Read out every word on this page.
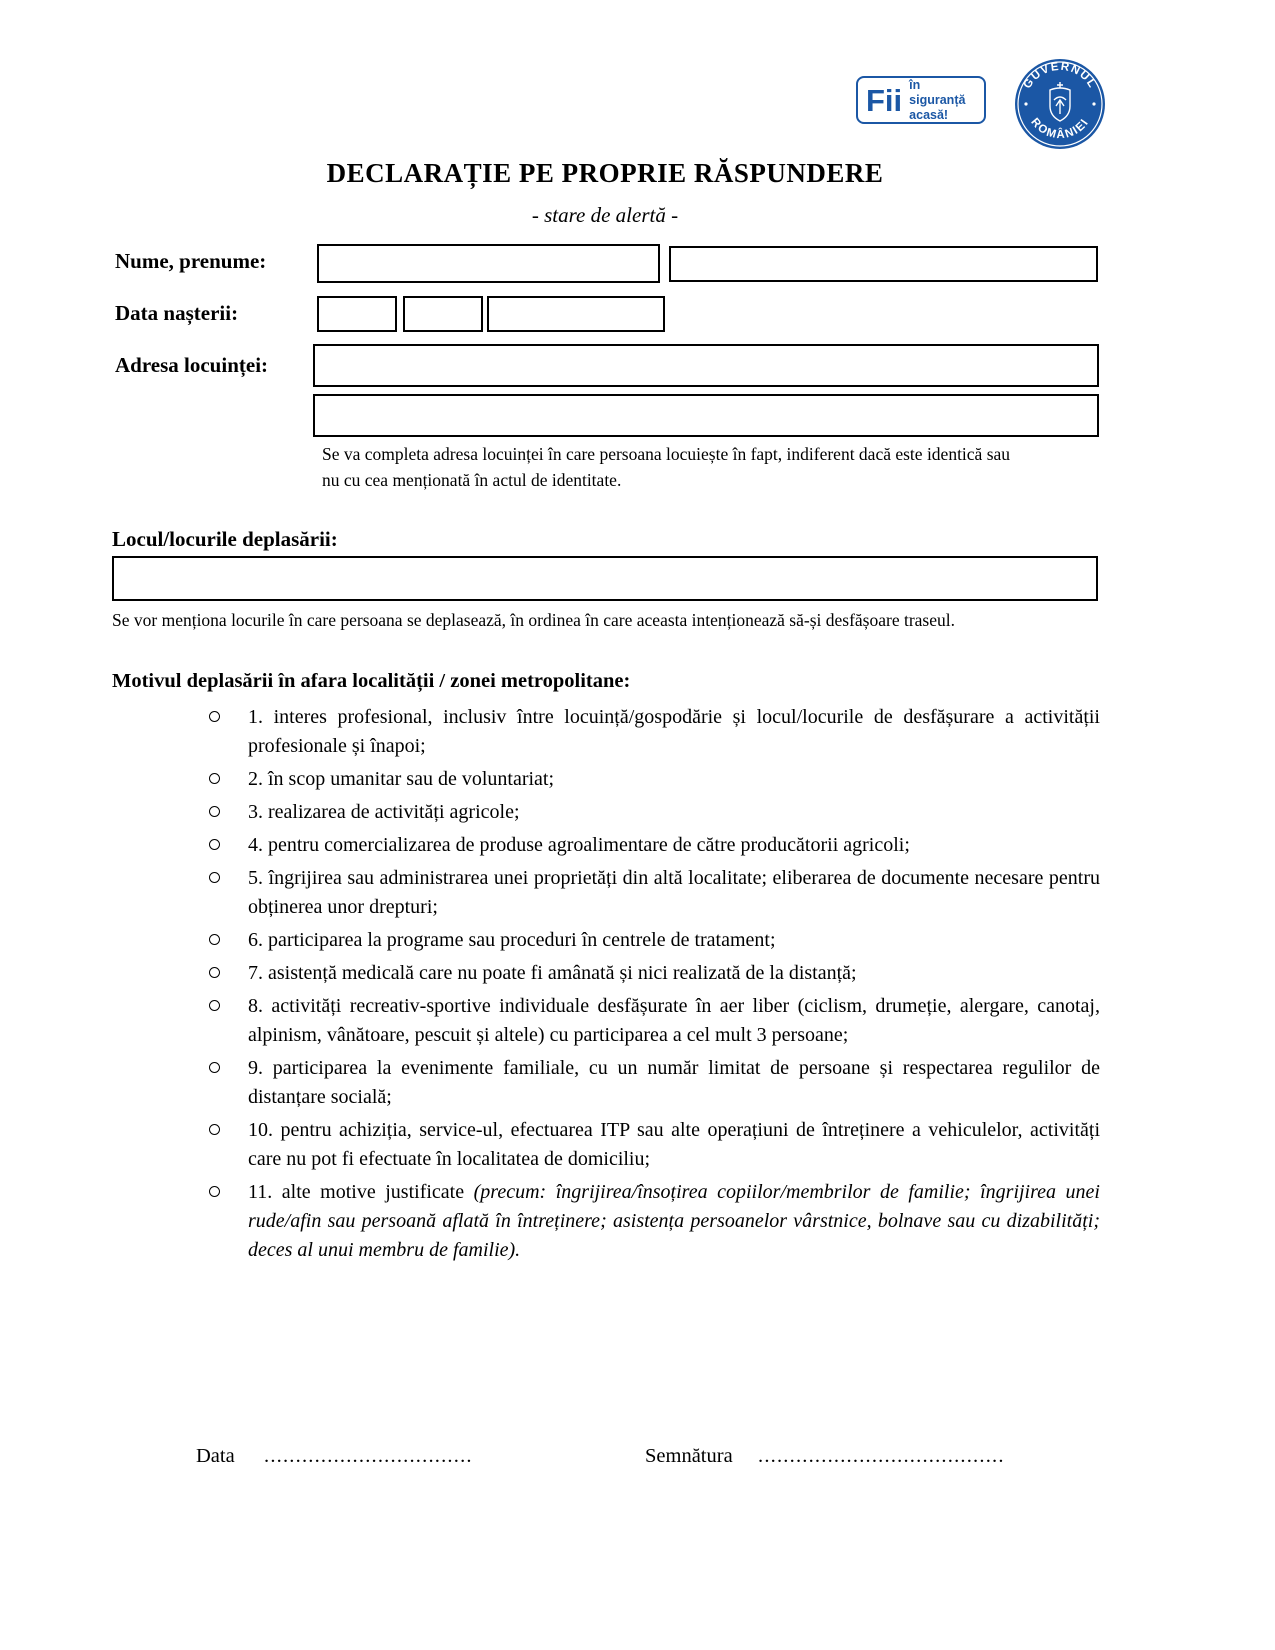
Fii în siguranță
acasă!
GUVERNUL
ROMÂNIEI
DECLARAȚIE PE PROPRIE RĂSPUNDERE
- stare de alertă -
Nume, prenume:
Data nașterii:
Adresa locuinței:
Se va completa adresa locuinței în care persoana locuiește în fapt, indiferent dacă este identică sau
nu cu cea menționată în actul de identitate.
Locul/locurile deplasării:
Se vor menționa locurile în care persoana se deplasează, în ordinea în care aceasta intenționează să-și desfășoare traseul.
Motivul deplasării în afara localității / zonei metropolitane:
1. interes profesional, inclusiv între locuință/gospodărie și locul/locurile de desfășurare a activității profesionale și înapoi;
2. în scop umanitar sau de voluntariat;
3. realizarea de activități agricole;
4. pentru comercializarea de produse agroalimentare de către producătorii agricoli;
5. îngrijirea sau administrarea unei proprietăți din altă localitate; eliberarea de documente necesare pentru obținerea unor drepturi;
6. participarea la programe sau proceduri în centrele de tratament;
7. asistență medicală care nu poate fi amânată și nici realizată de la distanță;
8. activități recreativ-sportive individuale desfășurate în aer liber (ciclism, drumeție, alergare, canotaj, alpinism, vânătoare, pescuit și altele) cu participarea a cel mult 3 persoane;
9. participarea la evenimente familiale, cu un număr limitat de persoane și respectarea regulilor de distanțare socială;
10. pentru achiziția, service-ul, efectuarea ITP sau alte operațiuni de întreținere a vehiculelor, activități care nu pot fi efectuate în localitatea de domiciliu;
11. alte motive justificate (precum: îngrijirea/însoțirea copiilor/membrilor de familie; îngrijirea unei rude/afin sau persoană aflată în întreținere; asistența persoanelor vârstnice, bolnave sau cu dizabilități; deces al unui membru de familie).
Data .................................	Semnătura .......................................
